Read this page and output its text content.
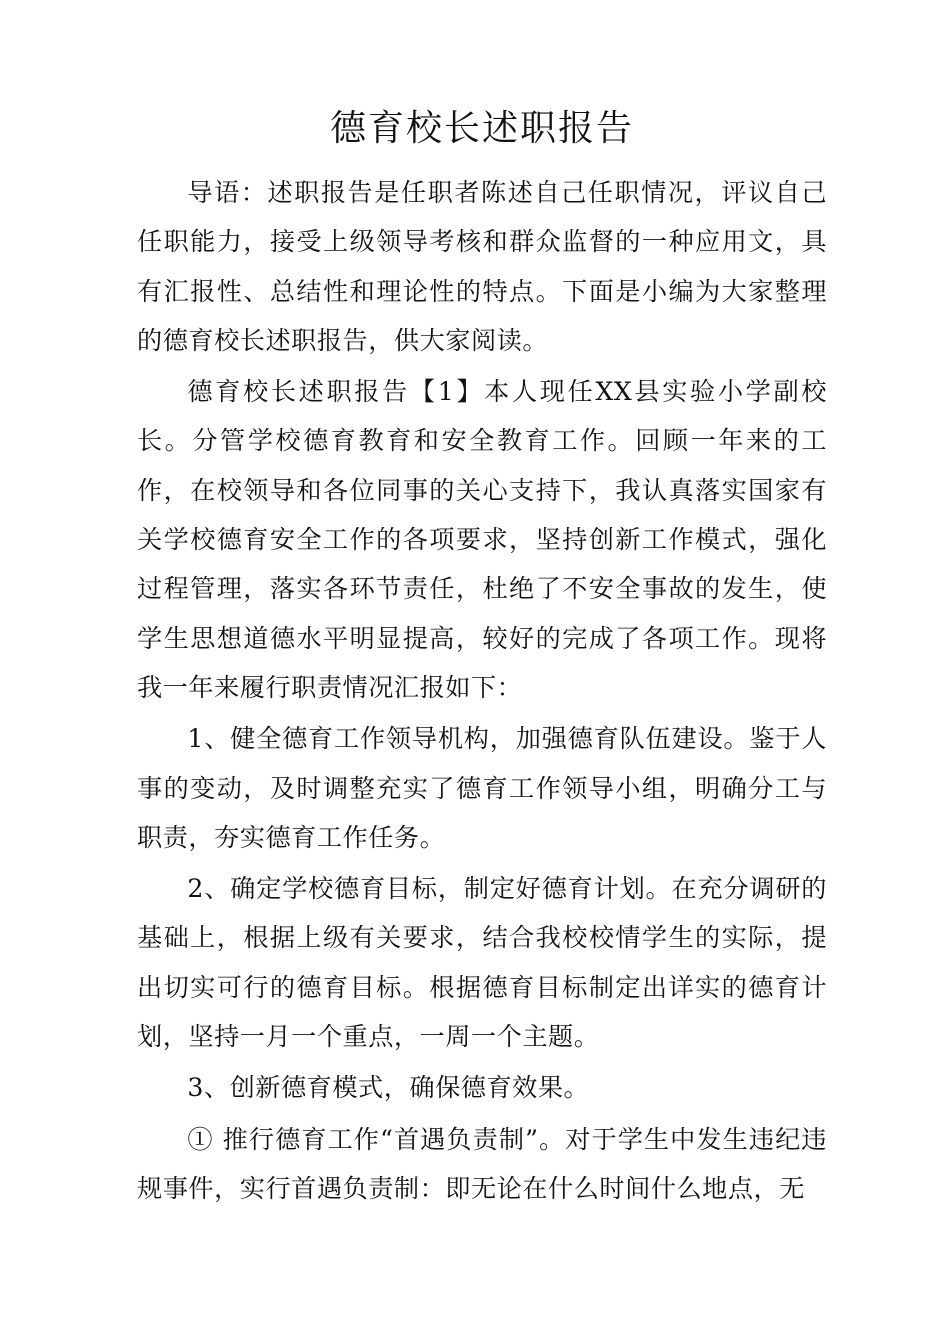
德育校长述职报告

导语：述职报告是任职者陈述自己任职情况，评议自己任职能力，接受上级领导考核和群众监督的一种应用文，具有汇报性、总结性和理论性的特点。下面是小编为大家整理的德育校长述职报告，供大家阅读。

德育校长述职报告【1】本人现任XX县实验小学副校长。分管学校德育教育和安全教育工作。回顾一年来的工作，在校领导和各位同事的关心支持下，我认真落实国家有关学校德育安全工作的各项要求，坚持创新工作模式，强化过程管理，落实各环节责任，杜绝了不安全事故的发生，使学生思想道德水平明显提高，较好的完成了各项工作。现将我一年来履行职责情况汇报如下：

1、健全德育工作领导机构，加强德育队伍建设。鉴于人事的变动，及时调整充实了德育工作领导小组，明确分工与职责，夯实德育工作任务。

2、确定学校德育目标，制定好德育计划。在充分调研的基础上，根据上级有关要求，结合我校校情学生的实际，提出切实可行的德育目标。根据德育目标制定出详实的德育计划，坚持一月一个重点，一周一个主题。

3、创新德育模式，确保德育效果。

① 推行德育工作“首遇负责制”。对于学生中发生违纪违规事件，实行首遇负责制：即无论在什么时间什么地点，无
